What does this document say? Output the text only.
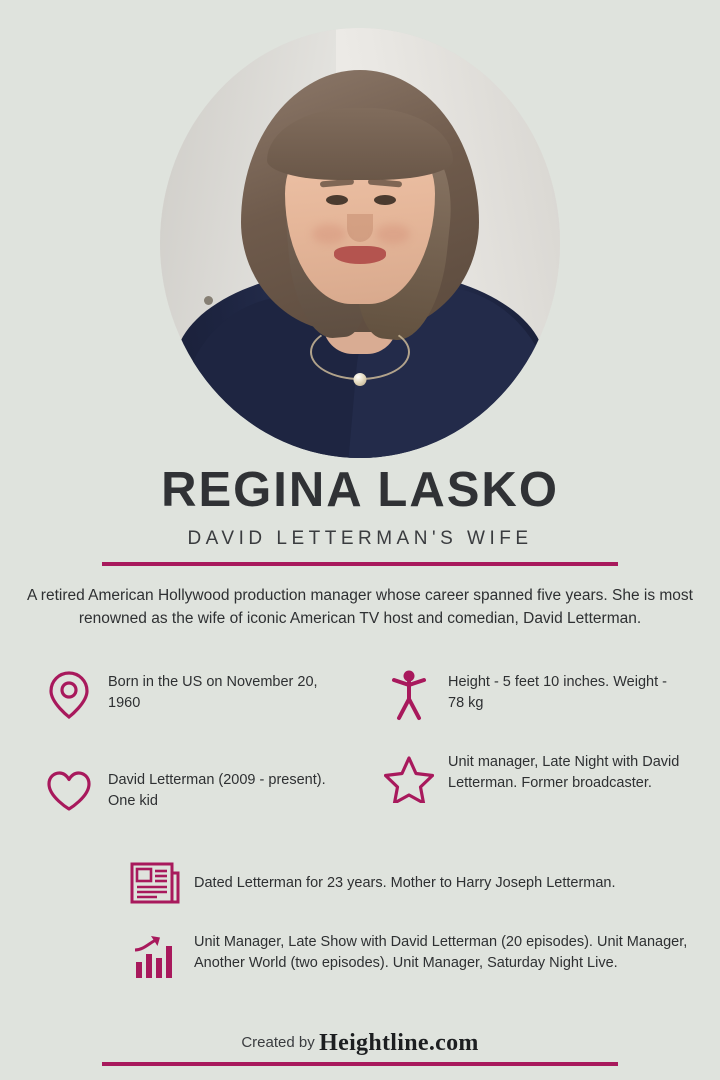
REGINA LASKO
DAVID LETTERMAN'S WIFE
A retired American Hollywood production manager whose career spanned five years. She is most renowned as the wife of iconic American TV host and comedian, David Letterman.
Born in the US on November 20, 1960
Height - 5 feet 10 inches. Weight - 78 kg
David Letterman (2009 - present). One kid
Unit manager, Late Night with David Letterman. Former broadcaster.
Dated Letterman for 23 years. Mother to Harry Joseph Letterman.
Unit Manager, Late Show with David Letterman (20 episodes). Unit Manager, Another World (two episodes). Unit Manager, Saturday Night Live.
Created by Heightline.com
